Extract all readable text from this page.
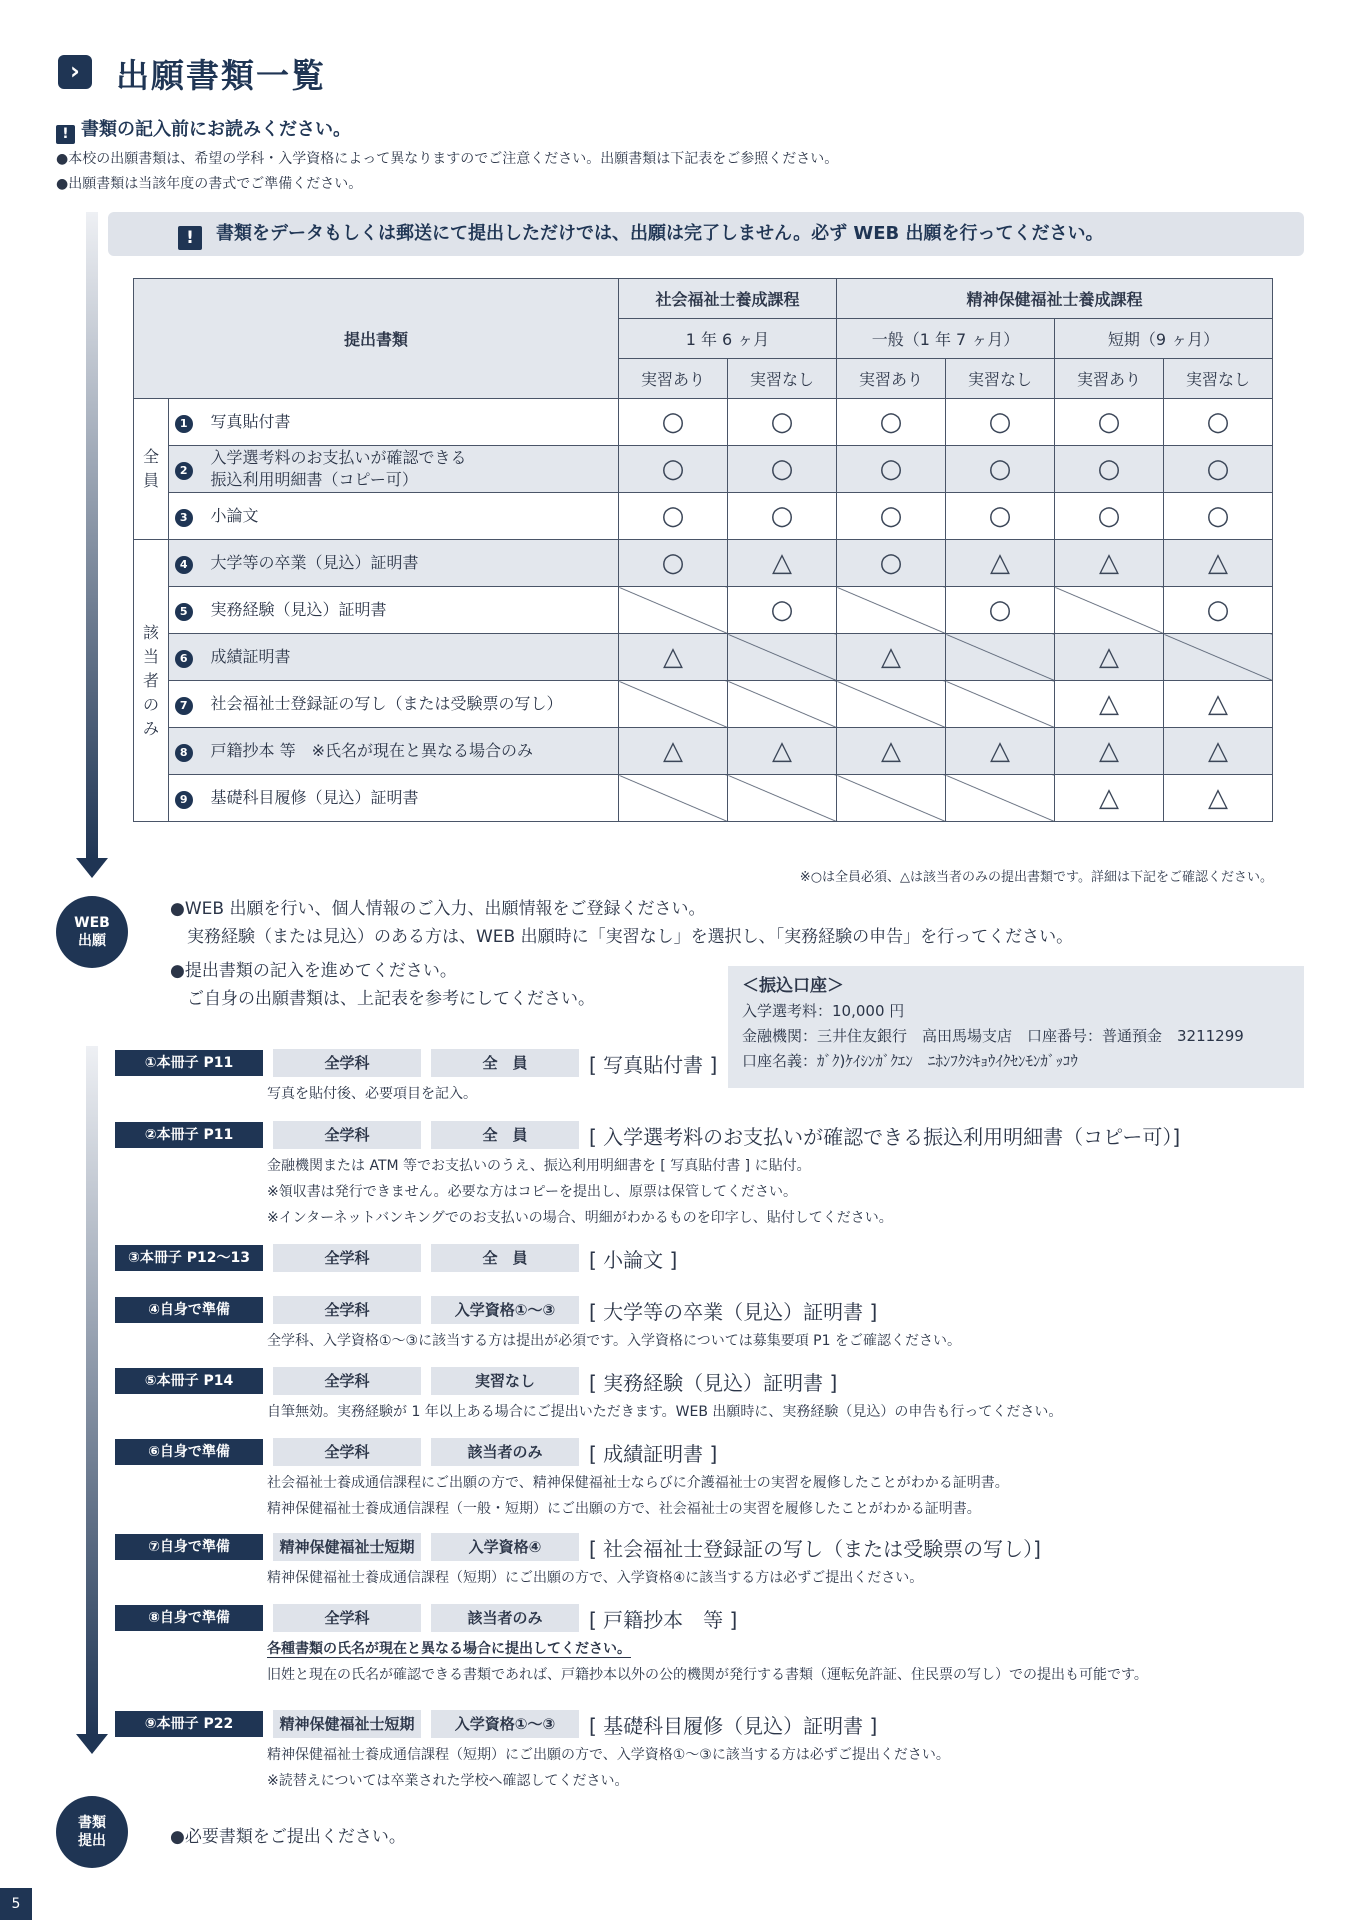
›	出願書類一覧
! 書類の記入前にお読みください。
●本校の出願書類は、希望の学科・入学資格によって異なりますのでご注意ください。出願書類は下記表をご参照ください。
●出願書類は当該年度の書式でご準備ください。
! 書類をデータもしくは郵送にて提出しただけでは、出願は完了しません。必ず WEB 出願を行ってください。
提出書類			社会福祉士養成課程		精神保健福祉士養成課程			
			1 年 6 ヶ月		一般（1 年 7 ヶ月）		短期（9 ヶ月）	
			実習あり	実習なし	実習あり	実習なし	実習あり	実習なし
全
員	1	写真貼付書	○	○	○	○	○	○
	2	入学選考料のお支払いが確認できる
振込利用明細書（コピー可）	○	○	○	○	○	○
	3	小論文	○	○	○	○	○	○
該
当
者
の
み	4	大学等の卒業（見込）証明書	○	△	○	△	△	△
	5	実務経験（見込）証明書		○		○		○
	6	成績証明書	△		△		△	
	7	社会福祉士登録証の写し（または受験票の写し）					△	△
	8	戸籍抄本 等　※氏名が現在と異なる場合のみ	△	△	△	△	△	△
	9	基礎科目履修（見込）証明書					△	△
※○は全員必須、△は該当者のみの提出書類です。詳細は下記をご確認ください。
WEB
出願
●WEB 出願を行い、個人情報のご入力、出願情報をご登録ください。
　実務経験（または見込）のある方は、WEB 出願時に「実習なし」を選択し、「実務経験の申告」を行ってください。
●提出書類の記入を進めてください。
　ご自身の出願書類は、上記表を参考にしてください。
＜振込口座＞
入学選考料：10,000 円
金融機関：三井住友銀行　高田馬場支店　口座番号：普通預金　3211299
口座名義：ｶﾞｸ)ｹｲｼﾝｶﾞｸｴﾝ　ﾆﾎﾝﾌｸｼｷｮｳｲｸｾﾝﾓﾝｶﾞｯｺｳ
①本冊子 P11	全学科	全　員	[ 写真貼付書 ]
写真を貼付後、必要項目を記入。
②本冊子 P11	全学科	全　員	[ 入学選考料のお支払いが確認できる振込利用明細書（コピー可）]
金融機関または ATM 等でお支払いのうえ、振込利用明細書を [ 写真貼付書 ] に貼付。
※領収書は発行できません。必要な方はコピーを提出し、原票は保管してください。
※インターネットバンキングでのお支払いの場合、明細がわかるものを印字し、貼付してください。
③本冊子 P12〜13	全学科	全　員	[ 小論文 ]
④自身で準備	全学科	入学資格①〜③	[ 大学等の卒業（見込）証明書 ]
全学科、入学資格①〜③に該当する方は提出が必須です。入学資格については募集要項 P1 をご確認ください。
⑤本冊子 P14	全学科	実習なし	[ 実務経験（見込）証明書 ]
自筆無効。実務経験が 1 年以上ある場合にご提出いただきます。WEB 出願時に、実務経験（見込）の申告も行ってください。
⑥自身で準備	全学科	該当者のみ	[ 成績証明書 ]
社会福祉士養成通信課程にご出願の方で、精神保健福祉士ならびに介護福祉士の実習を履修したことがわかる証明書。
精神保健福祉士養成通信課程（一般・短期）にご出願の方で、社会福祉士の実習を履修したことがわかる証明書。
⑦自身で準備	精神保健福祉士短期	入学資格④	[ 社会福祉士登録証の写し（または受験票の写し）]
精神保健福祉士養成通信課程（短期）にご出願の方で、入学資格④に該当する方は必ずご提出ください。
⑧自身で準備	全学科	該当者のみ	[ 戸籍抄本　等 ]
各種書類の氏名が現在と異なる場合に提出してください。
旧姓と現在の氏名が確認できる書類であれば、戸籍抄本以外の公的機関が発行する書類（運転免許証、住民票の写し）での提出も可能です。
⑨本冊子 P22	精神保健福祉士短期	入学資格①〜③	[ 基礎科目履修（見込）証明書 ]
精神保健福祉士養成通信課程（短期）にご出願の方で、入学資格①〜③に該当する方は必ずご提出ください。
※読替えについては卒業された学校へ確認してください。
書類
提出	●必要書類をご提出ください。
5
